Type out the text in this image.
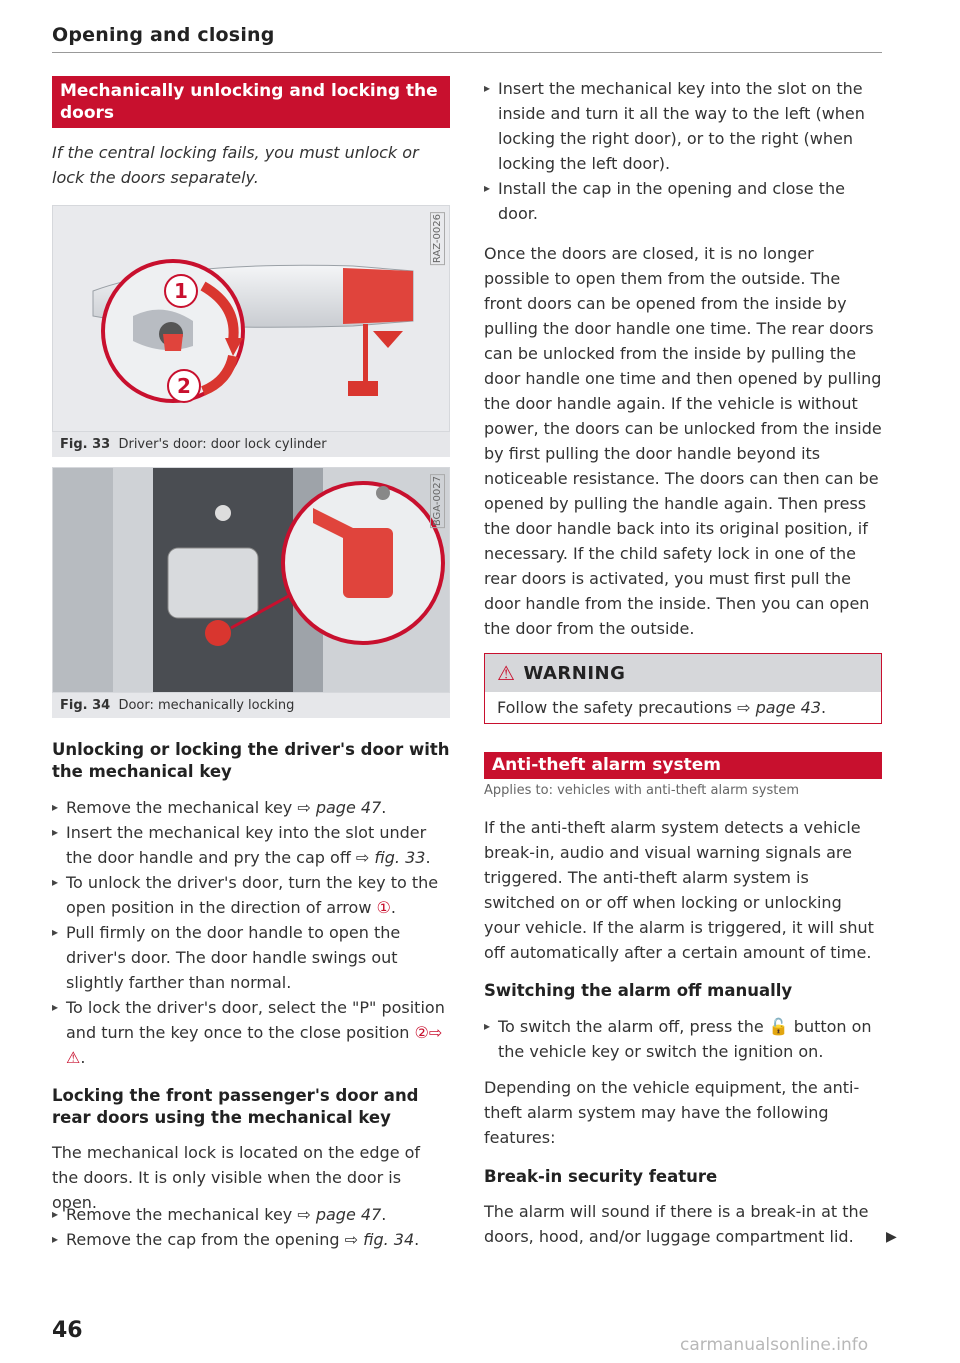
Opening and closing
Mechanically unlocking and locking the doors
If the central locking fails, you must unlock or lock the doors separately.
RAZ-0026
1
2
Fig. 33 Driver's door: door lock cylinder
BGA-0027
Fig. 34 Door: mechanically locking
Unlocking or locking the driver's door with the mechanical key
▸ Remove the mechanical key ⇨ page 47.
▸ Insert the mechanical key into the slot under the door handle and pry the cap off ⇨ fig. 33.
▸ To unlock the driver's door, turn the key to the open position in the direction of arrow ①.
▸ Pull firmly on the door handle to open the driver's door. The door handle swings out slightly farther than normal.
▸ To lock the driver's door, select the "P" position and turn the key once to the close position ②⇨ ⚠.
Locking the front passenger's door and rear doors using the mechanical key
The mechanical lock is located on the edge of the doors. It is only visible when the door is open.
▸ Remove the mechanical key ⇨ page 47.
▸ Remove the cap from the opening ⇨ fig. 34.
▸ Insert the mechanical key into the slot on the inside and turn it all the way to the left (when locking the right door), or to the right (when locking the left door).
▸ Install the cap in the opening and close the door.
Once the doors are closed, it is no longer possible to open them from the outside. The front doors can be opened from the inside by pulling the door handle one time. The rear doors can be unlocked from the inside by pulling the door handle one time and then opened by pulling the door handle again. If the vehicle is without power, the doors can be unlocked from the inside by first pulling the door handle beyond its noticeable resistance. The doors can then can be opened by pulling the handle again. Then press the door handle back into its original position, if necessary. If the child safety lock in one of the rear doors is activated, you must first pull the door handle from the inside. Then you can open the door from the outside.
⚠ WARNING
Follow the safety precautions ⇨ page 43.
Anti-theft alarm system
Applies to: vehicles with anti-theft alarm system
If the anti-theft alarm system detects a vehicle break-in, audio and visual warning signals are triggered. The anti-theft alarm system is switched on or off when locking or unlocking your vehicle. If the alarm is triggered, it will shut off automatically after a certain amount of time.
Switching the alarm off manually
▸ To switch the alarm off, press the 🔓 button on the vehicle key or switch the ignition on.
Depending on the vehicle equipment, the anti-theft alarm system may have the following features:
Break-in security feature
The alarm will sound if there is a break-in at the doors, hood, and/or luggage compartment lid.	▶
46
carmanualsonline.info
